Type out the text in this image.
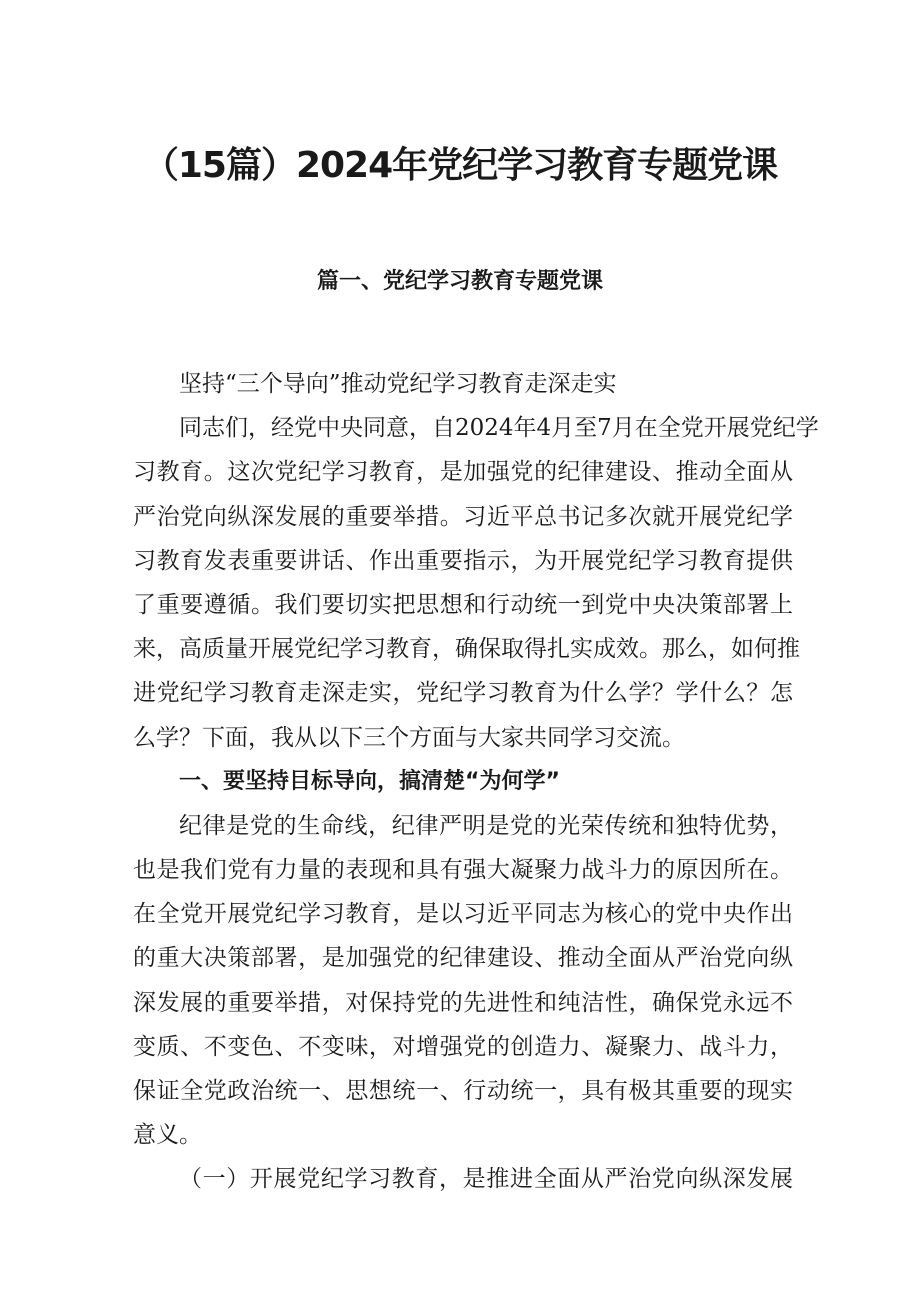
（15篇）2024年党纪学习教育专题党课
篇一、党纪学习教育专题党课
坚持“三个导向”推动党纪学习教育走深走实
同志们，经党中央同意，自2024年4月至7月在全党开展党纪学
习教育。这次党纪学习教育，是加强党的纪律建设、推动全面从
严治党向纵深发展的重要举措。习近平总书记多次就开展党纪学
习教育发表重要讲话、作出重要指示，为开展党纪学习教育提供
了重要遵循。我们要切实把思想和行动统一到党中央决策部署上
来，高质量开展党纪学习教育，确保取得扎实成效。那么，如何推
进党纪学习教育走深走实，党纪学习教育为什么学？学什么？怎
么学？下面，我从以下三个方面与大家共同学习交流。
一、要坚持目标导向，搞清楚“为何学”
纪律是党的生命线，纪律严明是党的光荣传统和独特优势，
也是我们党有力量的表现和具有强大凝聚力战斗力的原因所在。
在全党开展党纪学习教育，是以习近平同志为核心的党中央作出
的重大决策部署，是加强党的纪律建设、推动全面从严治党向纵
深发展的重要举措，对保持党的先进性和纯洁性，确保党永远不
变质、不变色、不变味，对增强党的创造力、凝聚力、战斗力，
保证全党政治统一、思想统一、行动统一，具有极其重要的现实
意义。
（一）开展党纪学习教育，是推进全面从严治党向纵深发展
